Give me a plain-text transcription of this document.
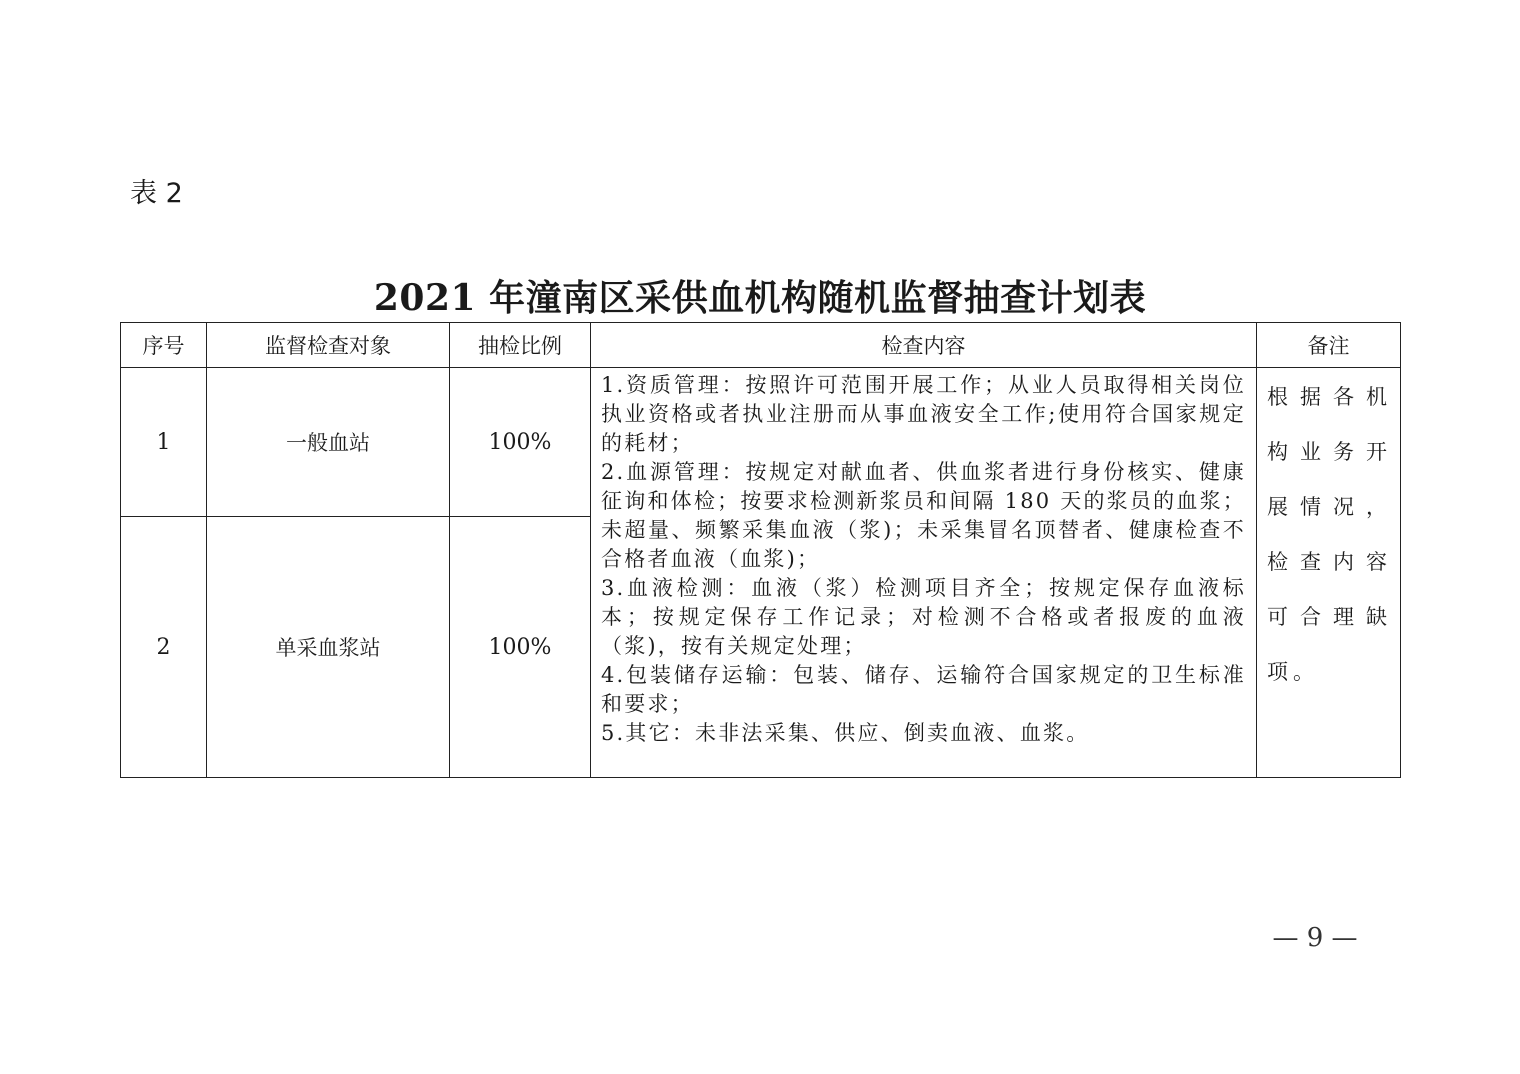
表 2
2021 年潼南区采供血机构随机监督抽查计划表
序号	监督检查对象	抽检比例	检查内容	备注
1	一般血站	100%	1.资质管理：按照许可范围开展工作；从业人员取得相关岗位执业资格或者执业注册而从事血液安全工作;使用符合国家规定的耗材；
2.血源管理：按规定对献血者、供血浆者进行身份核实、健康征询和体检；按要求检测新浆员和间隔 180 天的浆员的血浆；未超量、频繁采集血液（浆)；未采集冒名顶替者、健康检查不合格者血液（血浆)；
3.血液检测：血液（浆）检测项目齐全；按规定保存血液标本；按规定保存工作记录；对检测不合格或者报废的血液（浆)，按有关规定处理；
4.包装储存运输：包装、储存、运输符合国家规定的卫生标准和要求；
5.其它：未非法采集、供应、倒卖血液、血浆。	根据各机构业务开展情况，检查内容可合理缺项。

2	单采血浆站	100%		
— 9 —
